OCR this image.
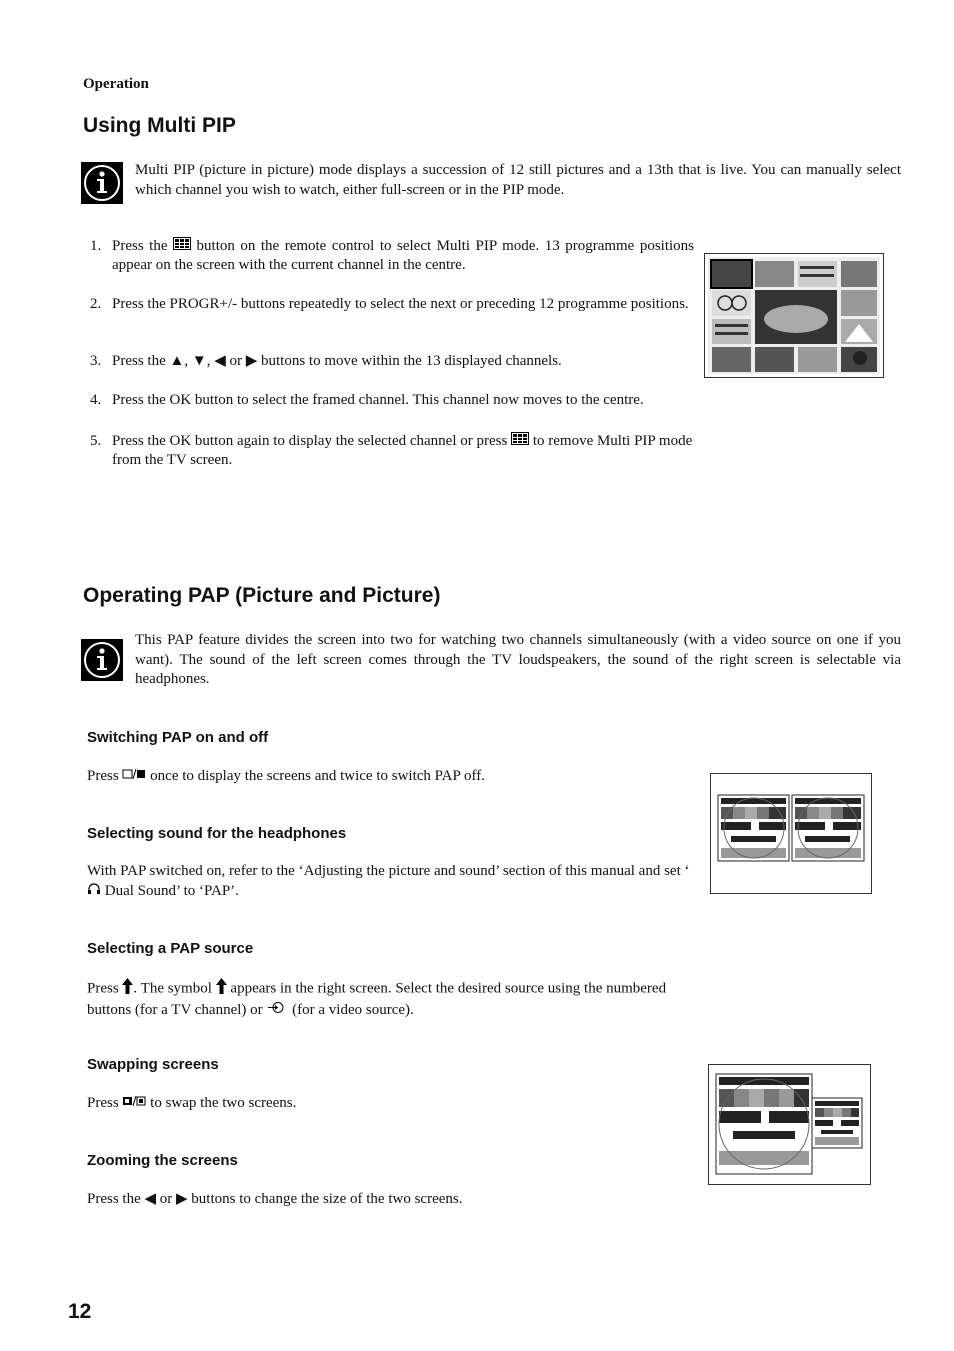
Operation
Using Multi PIP
Multi PIP (picture in picture) mode displays a succession of 12 still pictures and a 13th that is live. You can manually select which channel you wish to watch, either full-screen or in the PIP mode.
1. Press the button on the remote control to select Multi PIP mode. 13 programme positions appear on the screen with the current channel in the centre.
2. Press the PROGR+/- buttons repeatedly to select the next or preceding 12 programme positions.
3. Press the ▲, ▼, ◀ or ▶ buttons to move within the 13 displayed channels.
4. Press the OK button to select the framed channel. This channel now moves to the centre.
5. Press the OK button again to display the selected channel or press to remove Multi PIP mode from the TV screen.
Operating PAP (Picture and Picture)
This PAP feature divides the screen into two for watching two channels simultaneously (with a video source on one if you want). The sound of the left screen comes through the TV loudspeakers, the sound of the right screen is selectable via headphones.
Switching PAP on and off
Press once to display the screens and twice to switch PAP off.
Selecting sound for the headphones
With PAP switched on, refer to the ‘Adjusting the picture and sound’ section of this manual and set ‘ Dual Sound’ to ‘PAP’.
Selecting a PAP source
Press . The symbol appears in the right screen. Select the desired source using the numbered buttons (for a TV channel) or (for a video source).
Swapping screens
Press to swap the two screens.
Zooming the screens
Press the ◀ or ▶ buttons to change the size of the two screens.
12
